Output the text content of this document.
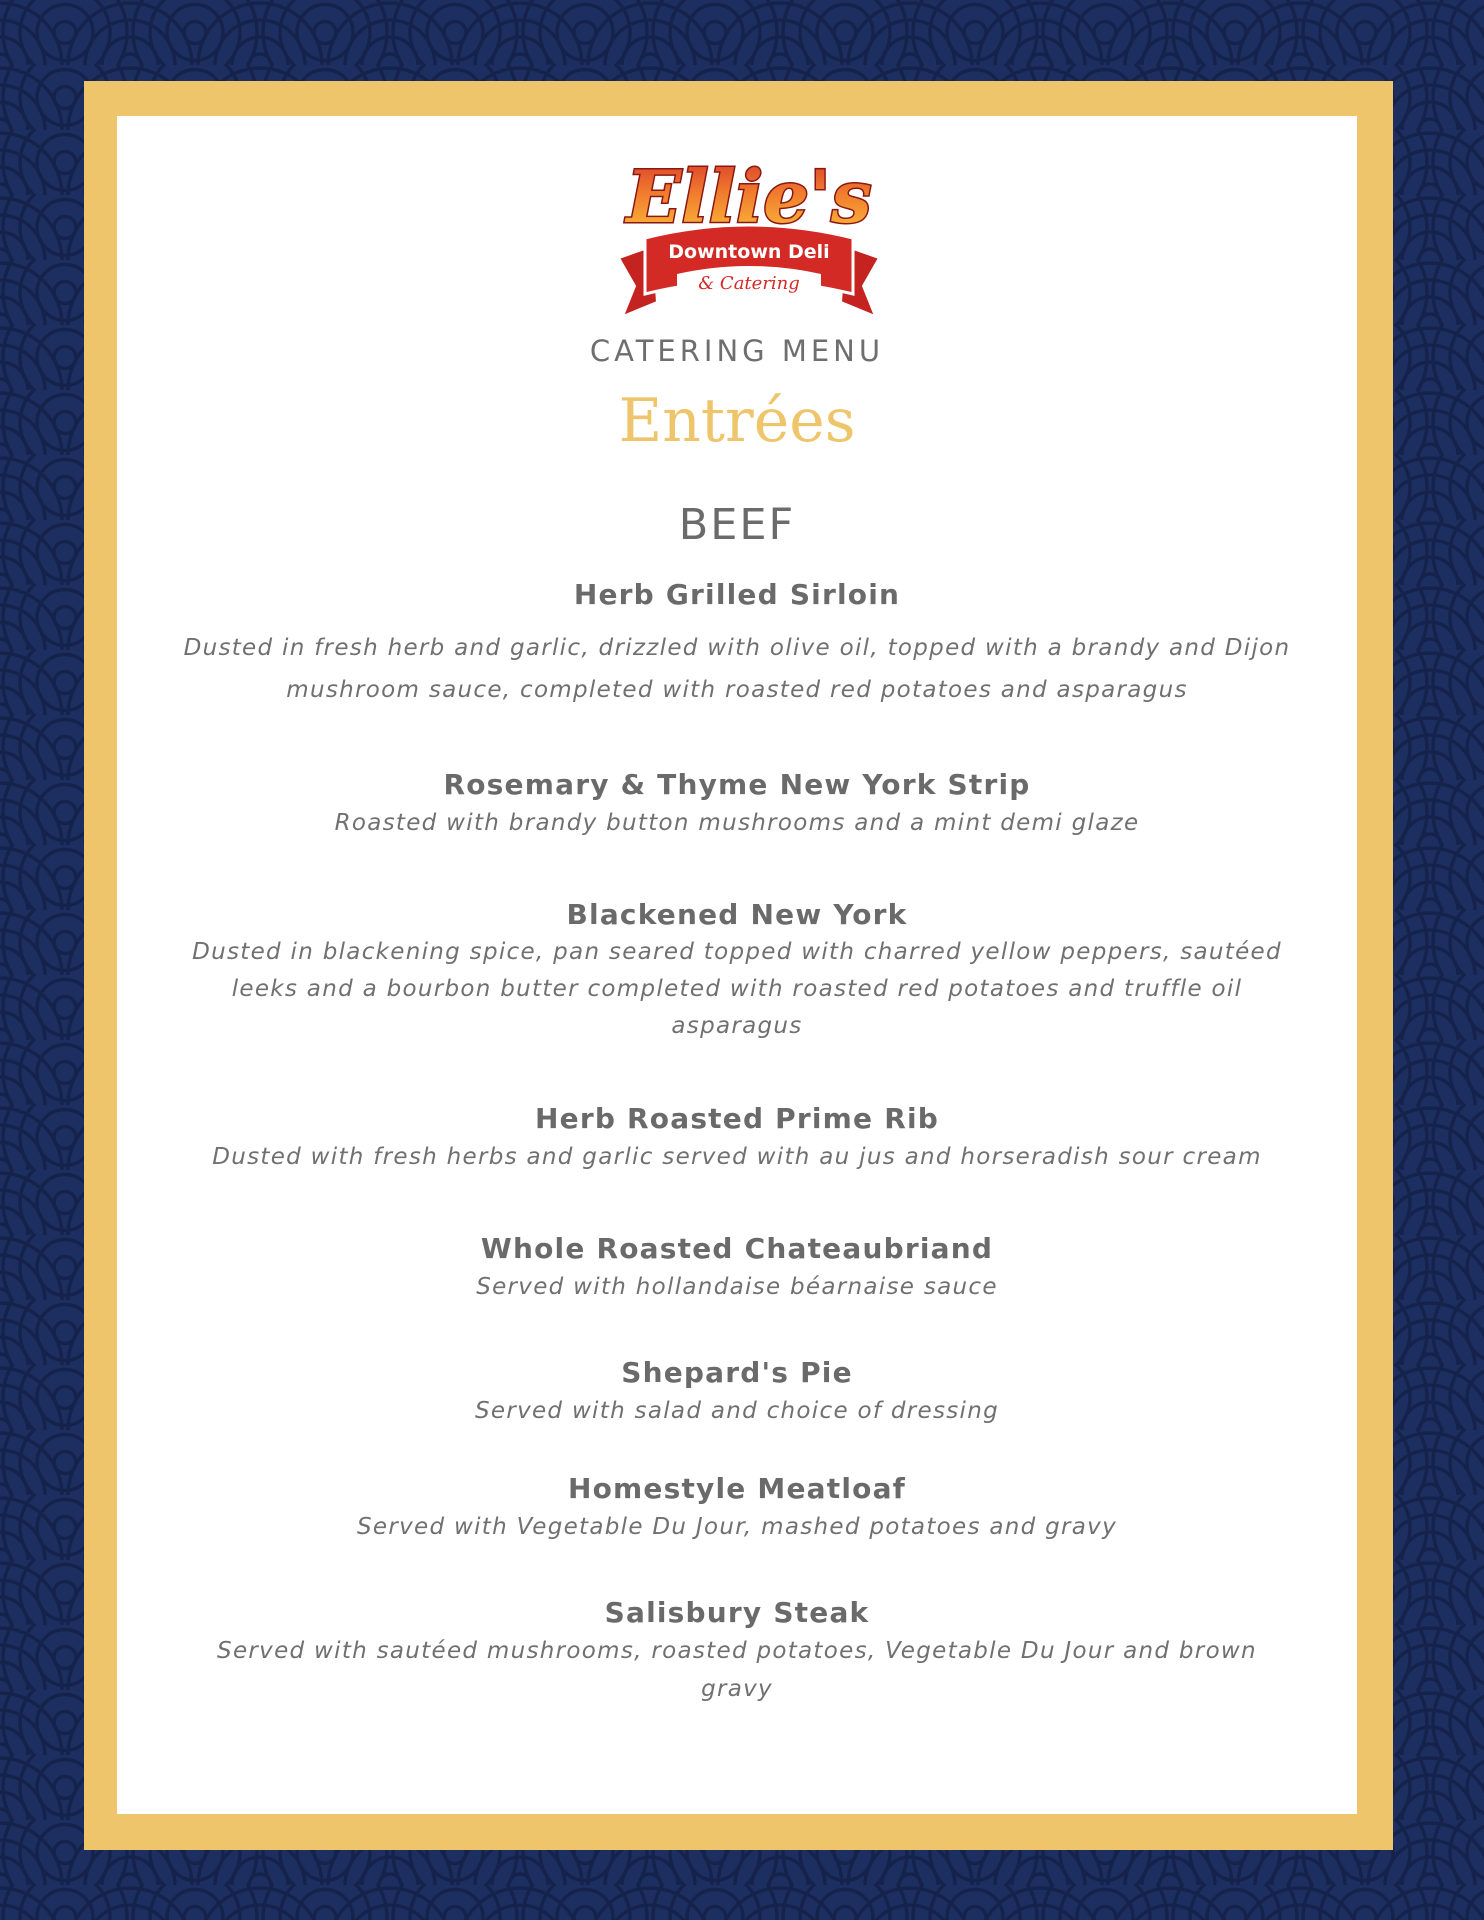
Ellie's
Downtown Deli
& Catering
CATERING MENU
Entrées
BEEF
Herb Grilled Sirloin
Dusted in fresh herb and garlic, drizzled with olive oil, topped with a brandy and Dijon mushroom sauce, completed with roasted red potatoes and asparagus
Rosemary & Thyme New York Strip
Roasted with brandy button mushrooms and a mint demi glaze
Blackened New York
Dusted in blackening spice, pan seared topped with charred yellow peppers, sautéed leeks and a bourbon butter completed with roasted red potatoes and truffle oil asparagus
Herb Roasted Prime Rib
Dusted with fresh herbs and garlic served with au jus and horseradish sour cream
Whole Roasted Chateaubriand
Served with hollandaise béarnaise sauce
Shepard's Pie
Served with salad and choice of dressing
Homestyle Meatloaf
Served with Vegetable Du Jour, mashed potatoes and gravy
Salisbury Steak
Served with sautéed mushrooms, roasted potatoes, Vegetable Du Jour and brown gravy
